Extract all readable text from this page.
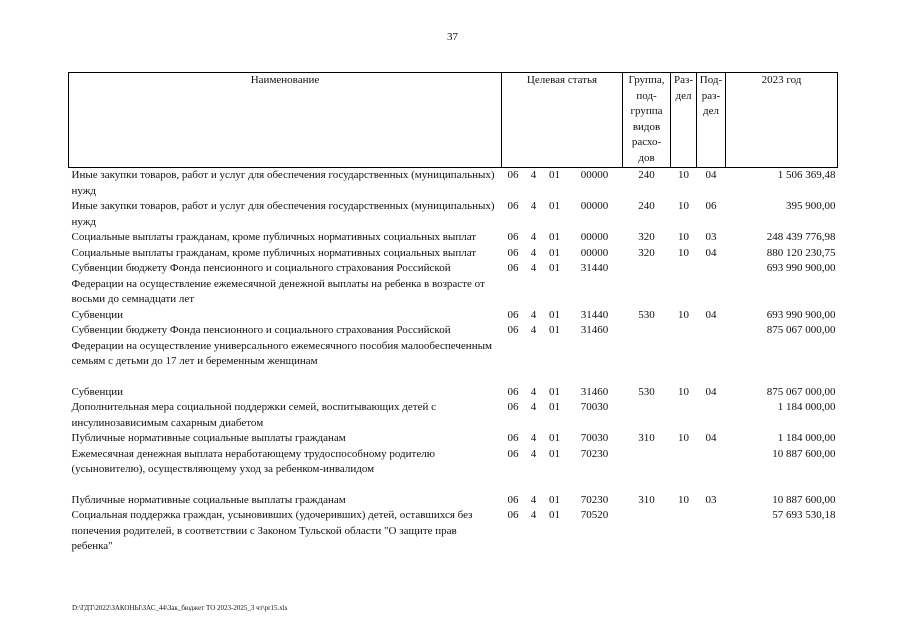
37
Наименование	Целевая статья				Группа, под-группа видов расхо-дов	Раз-дел	Под-раз-дел	2023 год
Иные закупки товаров, работ и услуг для обеспечения государственных (муниципальных) нужд	06	4	01	00000	240	10	04	1 506 369,48
Иные закупки товаров, работ и услуг для обеспечения государственных (муниципальных) нужд	06	4	01	00000	240	10	06	395 900,00
Социальные выплаты гражданам, кроме публичных нормативных социальных выплат	06	4	01	00000	320	10	03	248 439 776,98
Социальные выплаты гражданам, кроме публичных нормативных социальных выплат	06	4	01	00000	320	10	04	880 120 230,75
Субвенции бюджету Фонда пенсионного и социального страхования Российской Федерации на осуществление ежемесячной денежной выплаты на ребенка в возрасте от восьми до семнадцати лет	06	4	01	31440				693 990 900,00
Субвенции	06	4	01	31440	530	10	04	693 990 900,00
Субвенции бюджету Фонда пенсионного и социального страхования Российской Федерации на осуществление универсального ежемесячного пособия малообеспеченным семьям с детьми до 17 лет и беременным женщинам	06	4	01	31460				875 067 000,00

Субвенции	06	4	01	31460	530	10	04	875 067 000,00
Дополнительная мера социальной поддержки семей, воспитывающих детей с инсулинозависимым сахарным диабетом	06	4	01	70030				1 184 000,00
Публичные нормативные социальные выплаты гражданам	06	4	01	70030	310	10	04	1 184 000,00
Ежемесячная денежная выплата неработающему трудоспособному родителю (усыновителю), осуществляющему уход за ребенком-инвалидом	06	4	01	70230				10 887 600,00

Публичные нормативные социальные выплаты гражданам	06	4	01	70230	310	10	03	10 887 600,00
Социальная поддержка граждан, усыновивших (удочеривших) детей, оставшихся без попечения родителей, в соответствии с Законом Тульской области "О защите прав ребенка"	06	4	01	70520				57 693 530,18
D:\ГДТ\2022\ЗАКОНЫ\ЗАС_44\Зак_бюджет ТО 2023-2025_3 чт\pr15.xls
